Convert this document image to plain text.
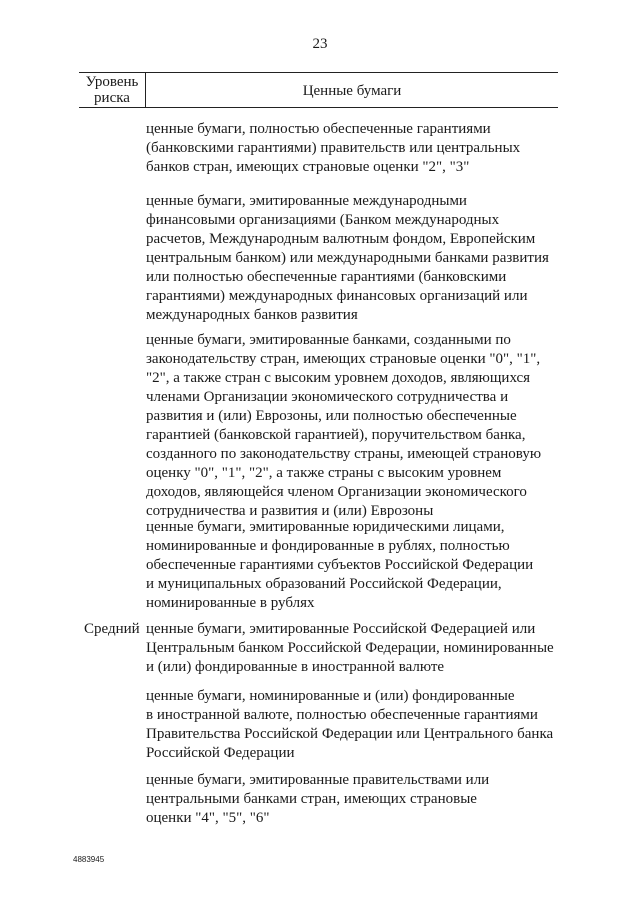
23
Уровень
риска	Ценные бумаги
ценные бумаги, полностью обеспеченные гарантиями
(банковскими гарантиями) правительств или центральных
банков стран, имеющих страновые оценки "2", "3"
ценные бумаги, эмитированные международными
финансовыми организациями (Банком международных
расчетов, Международным валютным фондом, Европейским
центральным банком) или международными банками развития
или полностью обеспеченные гарантиями (банковскими
гарантиями) международных финансовых организаций или
международных банков развития
ценные бумаги, эмитированные банками, созданными по
законодательству стран, имеющих страновые оценки "0", "1",
"2", а также стран с высоким уровнем доходов, являющихся
членами Организации экономического сотрудничества и
развития и (или) Еврозоны, или полностью обеспеченные
гарантией (банковской гарантией), поручительством банка,
созданного по законодательству страны, имеющей страновую
оценку "0", "1", "2", а также страны с высоким уровнем
доходов, являющейся членом Организации экономического
сотрудничества и развития и (или) Еврозоны
ценные бумаги, эмитированные юридическими лицами,
номинированные и фондированные в рублях, полностью
обеспеченные гарантиями субъектов Российской Федерации
и муниципальных образований Российской Федерации,
номинированные в рублях
Средний ценные бумаги, эмитированные Российской Федерацией или
Центральным банком Российской Федерации, номинированные
и (или) фондированные в иностранной валюте
ценные бумаги, номинированные и (или) фондированные
в иностранной валюте, полностью обеспеченные гарантиями
Правительства Российской Федерации или Центрального банка
Российской Федерации
ценные бумаги, эмитированные правительствами или
центральными банками стран, имеющих страновые
оценки "4", "5", "6"
4883945
